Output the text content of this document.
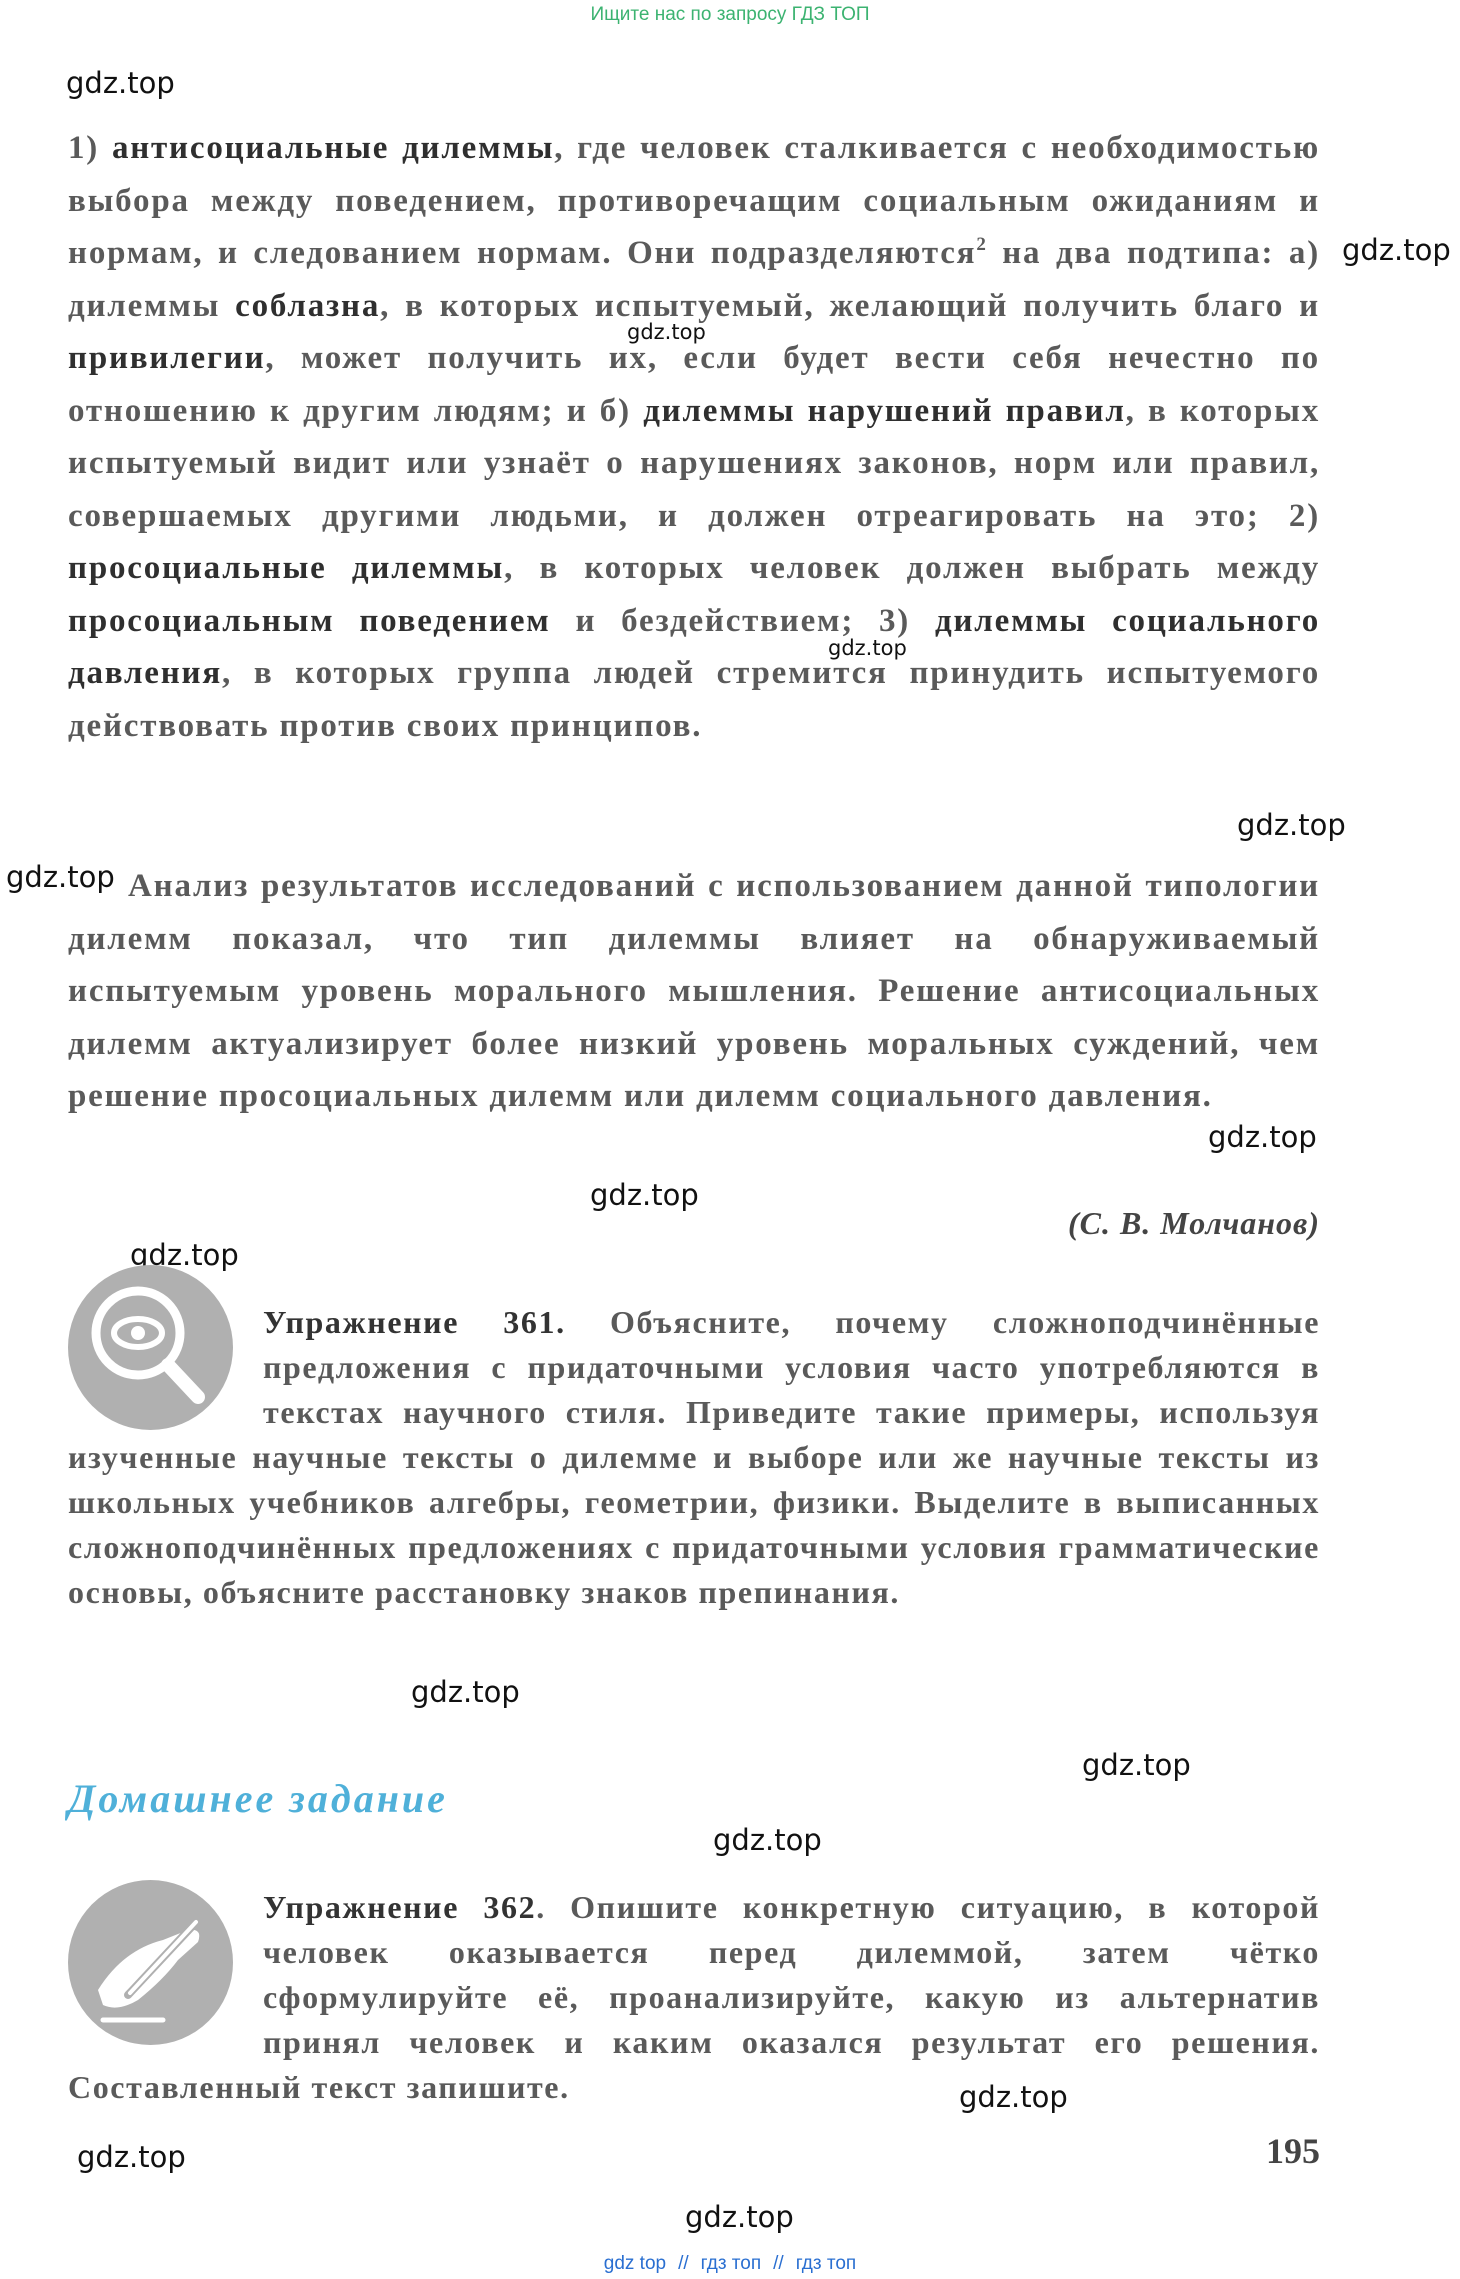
Ищите нас по запросу ГДЗ ТОП
gdz.top
gdz.top
gdz.top
gdz.top
gdz.top
gdz.top
gdz.top
gdz.top
gdz.top
gdz.top
gdz.top
gdz.top
gdz.top
gdz.top
gdz.top

1) антисоциальные дилеммы, где человек сталкивается с необходимостью выбора между поведением, противоречащим социальным ожиданиям и нормам, и следованием нормам. Они подразделяются$^2$ на два подтипа: а) дилеммы соблазна, в которых испытуемый, желающий получить благо и привилегии, может получить их, если будет вести себя нечестно по отношению к другим людям; и б) дилеммы нарушений правил, в которых испытуемый видит или узнаёт о нарушениях законов, норм или правил, совершаемых другими людьми, и должен отреагировать на это; 2) просоциальные дилеммы, в которых человек должен выбрать между просоциальным поведением и бездействием; 3) дилеммы социального давления, в которых группа людей стремится принудить испытуемого действовать против своих принципов.

Анализ результатов исследований с использованием данной типологии дилемм показал, что тип дилеммы влияет на обнаруживаемый испытуемым уровень морального мышления. Решение антисоциальных дилемм актуализирует более низкий уровень моральных суждений, чем решение просоциальных дилемм или дилемм социального давления.

(С. В. Молчанов)

Упражнение 361. Объясните, почему сложноподчинённые предложения с придаточными условия часто употребляются в текстах научного стиля. Приведите такие примеры, используя изученные научные тексты о дилемме и выборе или же научные тексты из школьных учебников алгебры, геометрии, физики. Выделите в выписанных сложноподчинённых предложениях с придаточными условия грамматические основы, объясните расстановку знаков препинания.

Домашнее задание

Упражнение 362. Опишите конкретную ситуацию, в которой человек оказывается перед дилеммой, затем чётко сформулируйте её, проанализируйте, какую из альтернатив принял человек и каким оказался результат его решения. Составленный текст запишите.

195
gdz top // гдз топ // гдз топ
